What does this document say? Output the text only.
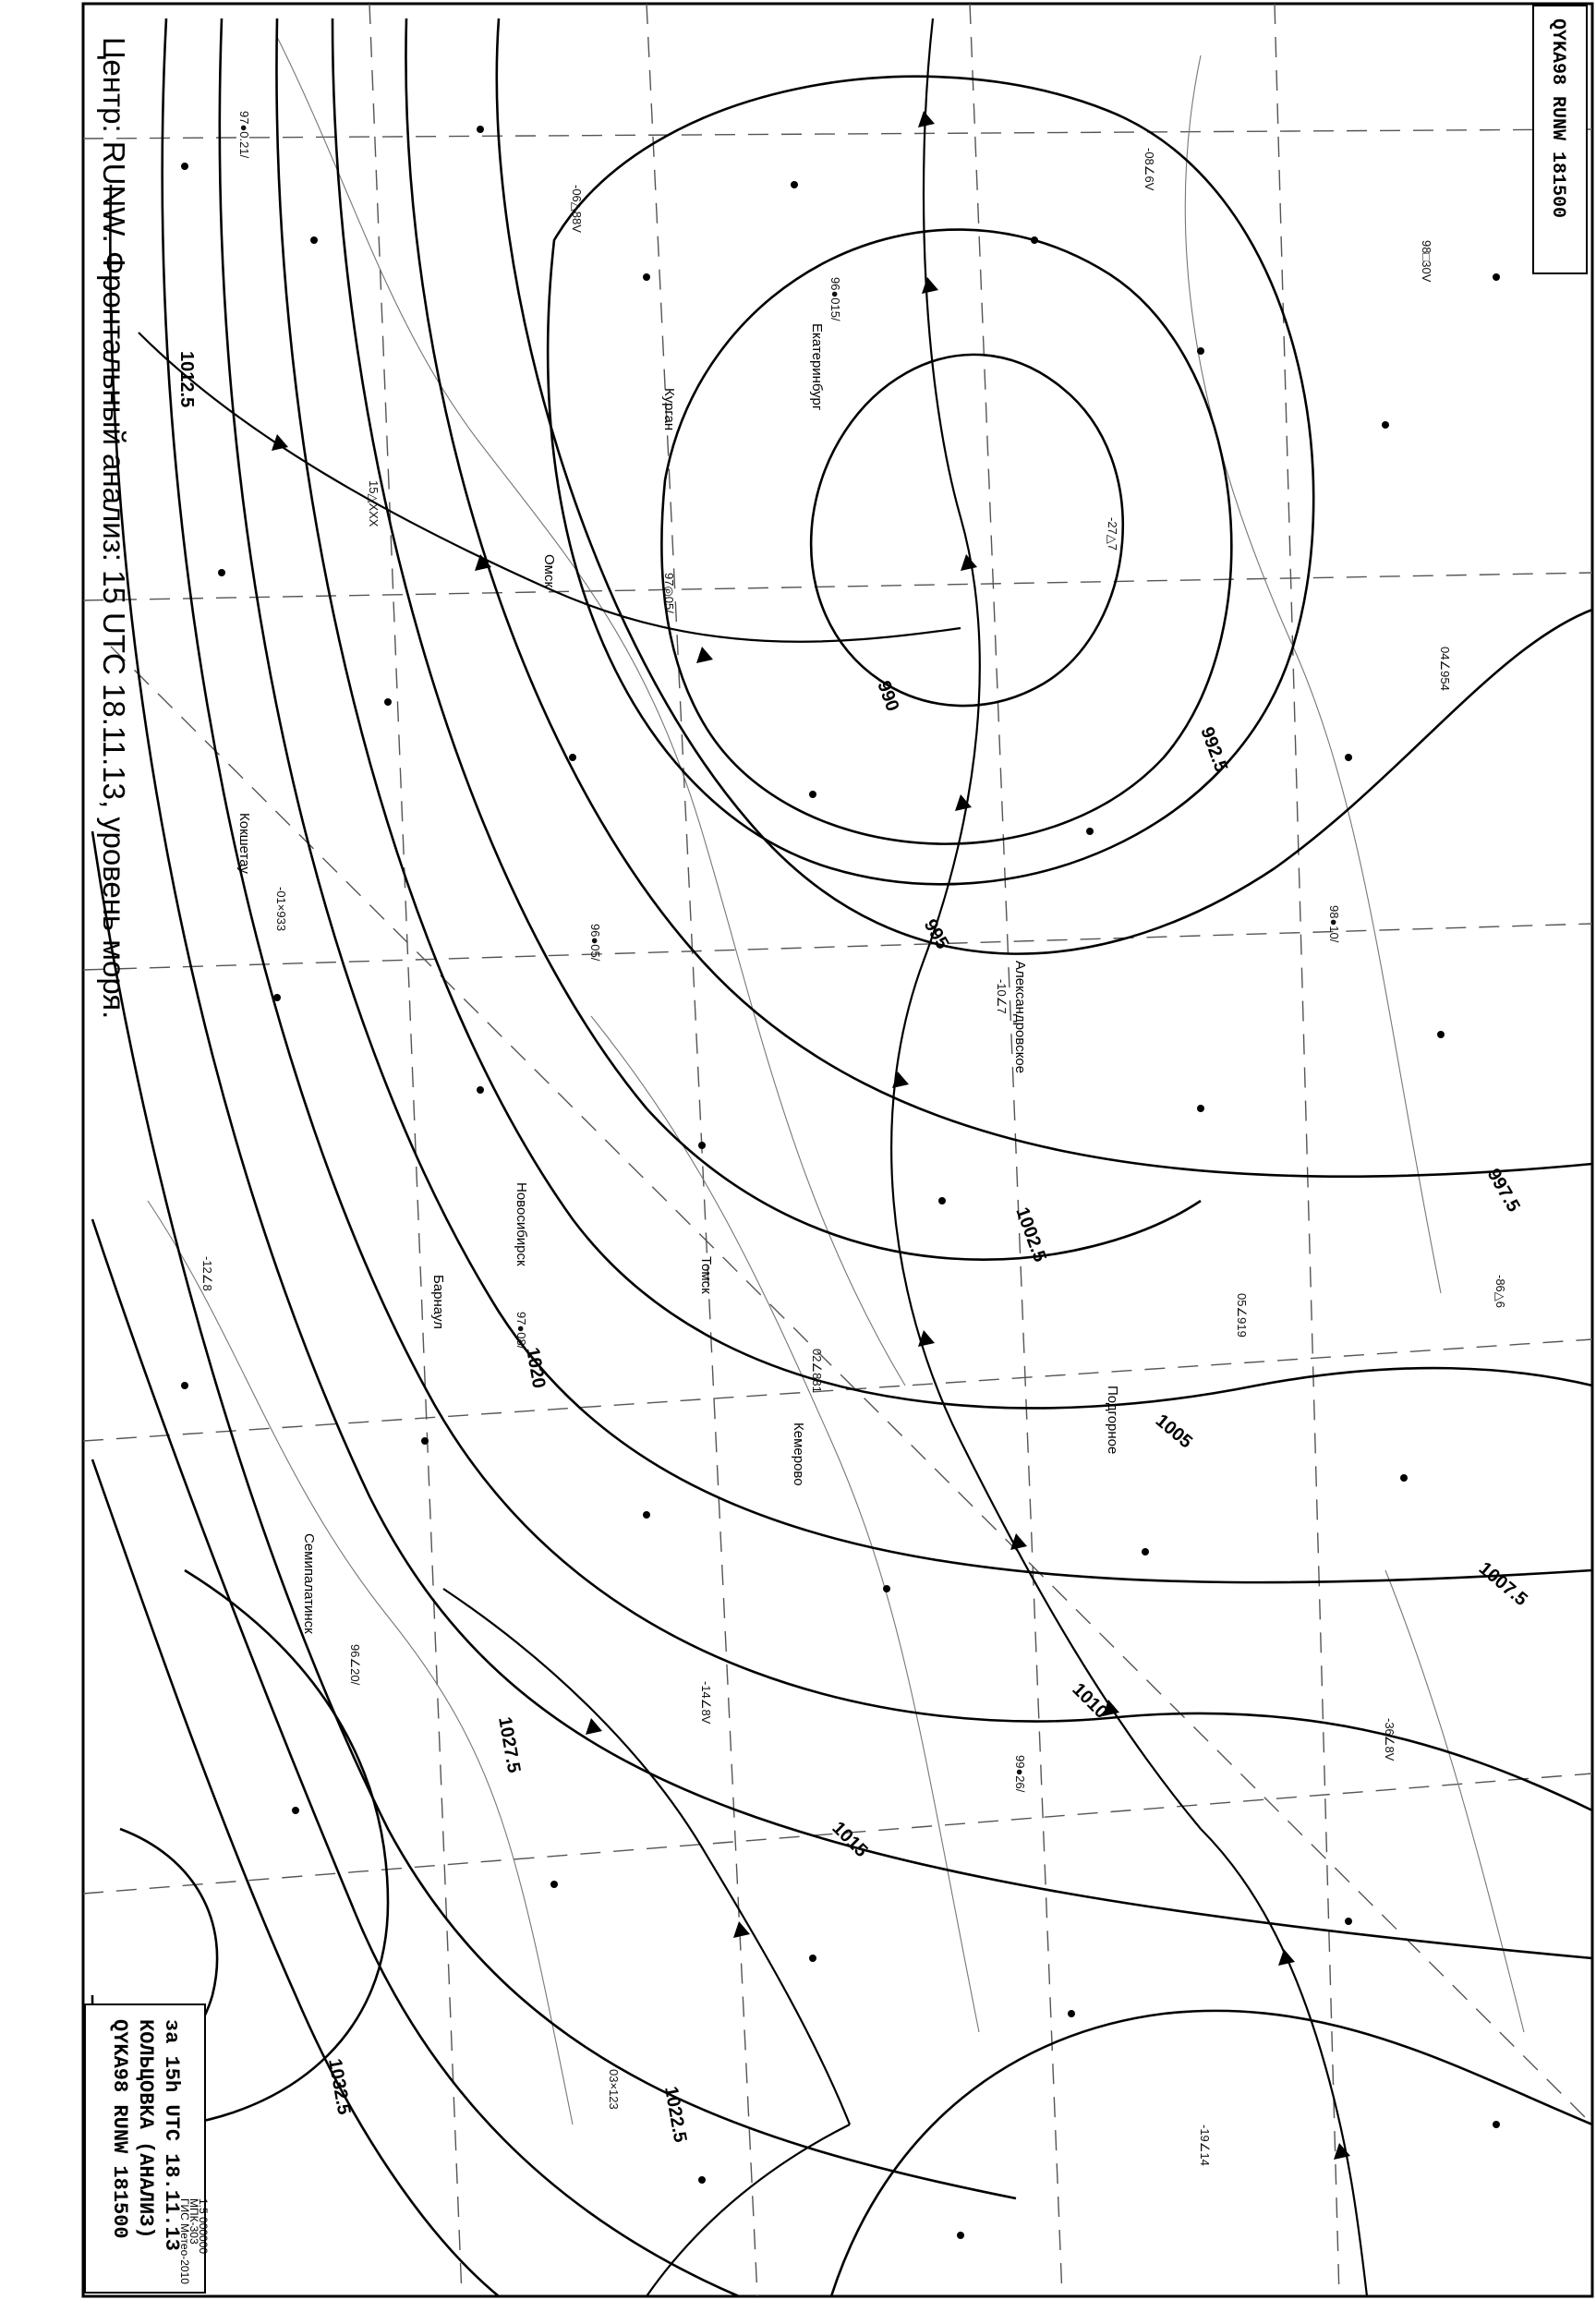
97●0.21/
-06△88V
96●015/
-08∠6V
98□30V
15△XXX
97◎05/
-27△7
04∠954
-01×933
96●05/
-10∠7
98●10/
-12∠8
97●08/
02∠881
05∠919
-86△6
96∠20/
-14∠8V
99●26/
-36∠8V
03×123
-19∠14
990
992.5
995
997.5
1002.5
1005
1007.5
1010
1012.5
1015
1020
1022.5
1027.5
1032.5
Екатеринбург
Курган
Омск
Новосибирск
Барнаул	Томск
Александровское
Подгорное
Кемерово
Семипалатинск
Кокшетау
QYKA98 RUNW 181500
Центр: RUNW. Фронтальный анализ: 15 UTC 18.11.13, уровень моря.
QYKA98 RUNW 181500 КОЛЬЦОВКА (АНАЛИЗ) за 15h UTC 18.11.13
ГИС Метео-2010
МПК-303
1:5 000000
